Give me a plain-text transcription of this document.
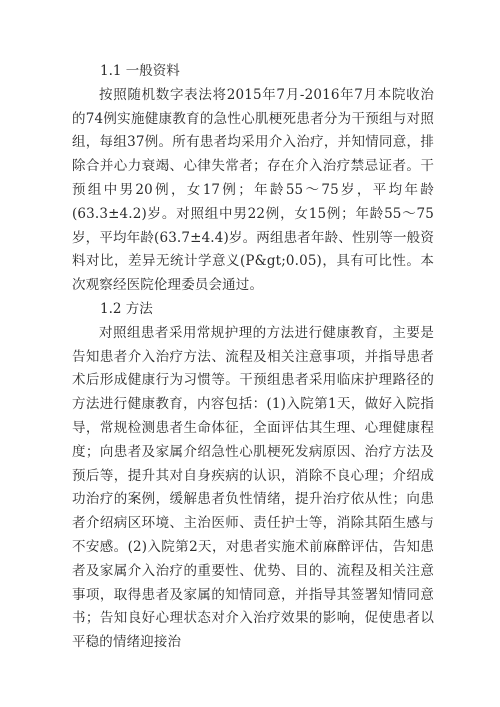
1.1 一般资料

按照随机数字表法将2015年7月-2016年7月本院收治的74例实施健康教育的急性心肌梗死患者分为干预组与对照组，每组37例。所有患者均采用介入治疗，并知情同意，排除合并心力衰竭、心律失常者；存在介入治疗禁忌证者。干预组中男20例，女17例；年龄55～75岁，平均年龄(63.3±4.2)岁。对照组中男22例，女15例；年龄55～75岁，平均年龄(63.7±4.4)岁。两组患者年龄、性别等一般资料对比，差异无统计学意义(P&gt;0.05)，具有可比性。本次观察经医院伦理委员会通过。

1.2 方法

对照组患者采用常规护理的方法进行健康教育，主要是告知患者介入治疗方法、流程及相关注意事项，并指导患者术后形成健康行为习惯等。干预组患者采用临床护理路径的方法进行健康教育，内容包括：(1)入院第1天，做好入院指导，常规检测患者生命体征，全面评估其生理、心理健康程度；向患者及家属介绍急性心肌梗死发病原因、治疗方法及预后等，提升其对自身疾病的认识，消除不良心理；介绍成功治疗的案例，缓解患者负性情绪，提升治疗依从性；向患者介绍病区环境、主治医师、责任护士等，消除其陌生感与不安感。(2)入院第2天，对患者实施术前麻醉评估，告知患者及家属介入治疗的重要性、优势、目的、流程及相关注意事项，取得患者及家属的知情同意，并指导其签署知情同意书；告知良好心理状态对介入治疗效果的影响，促使患者以平稳的情绪迎接治
